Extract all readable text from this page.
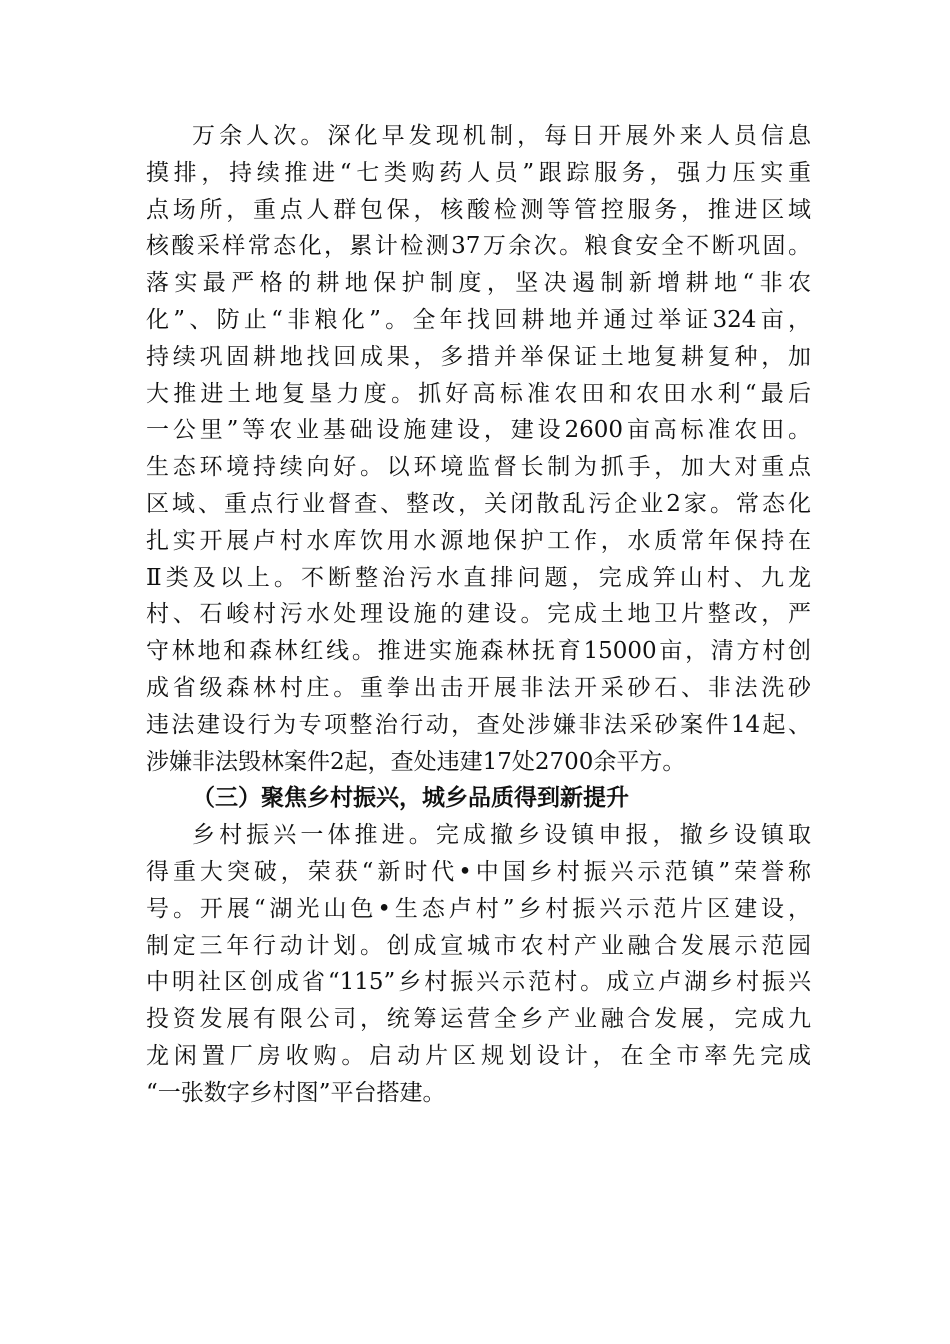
万余人次。深化早发现机制，每日开展外来人员信息
摸排，持续推进“七类购药人员”跟踪服务，强力压实重
点场所，重点人群包保，核酸检测等管控服务，推进区域
核酸采样常态化，累计检测37万余次。粮食安全不断巩固。
落实最严格的耕地保护制度，坚决遏制新增耕地“非农
化”、防止“非粮化”。全年找回耕地并通过举证324亩，
持续巩固耕地找回成果，多措并举保证土地复耕复种，加
大推进土地复垦力度。抓好高标准农田和农田水利“最后
一公里”等农业基础设施建设，建设2600亩高标准农田。
生态环境持续向好。以环境监督长制为抓手，加大对重点
区域、重点行业督查、整改，关闭散乱污企业2家。常态化
扎实开展卢村水库饮用水源地保护工作，水质常年保持在
Ⅱ类及以上。不断整治污水直排问题，完成笄山村、九龙
村、石峻村污水处理设施的建设。完成土地卫片整改，严
守林地和森林红线。推进实施森林抚育15000亩，清方村创
成省级森林村庄。重拳出击开展非法开采砂石、非法洗砂
违法建设行为专项整治行动，查处涉嫌非法采砂案件14起、
涉嫌非法毁林案件2起，查处违建17处2700余平方。
（三）聚焦乡村振兴，城乡品质得到新提升
乡村振兴一体推进。完成撤乡设镇申报，撤乡设镇取
得重大突破，荣获“新时代•中国乡村振兴示范镇”荣誉称
号。开展“湖光山色•生态卢村”乡村振兴示范片区建设，
制定三年行动计划。创成宣城市农村产业融合发展示范园
中明社区创成省“115”乡村振兴示范村。成立卢湖乡村振兴
投资发展有限公司，统筹运营全乡产业融合发展，完成九
龙闲置厂房收购。启动片区规划设计，在全市率先完成
“一张数字乡村图”平台搭建。
